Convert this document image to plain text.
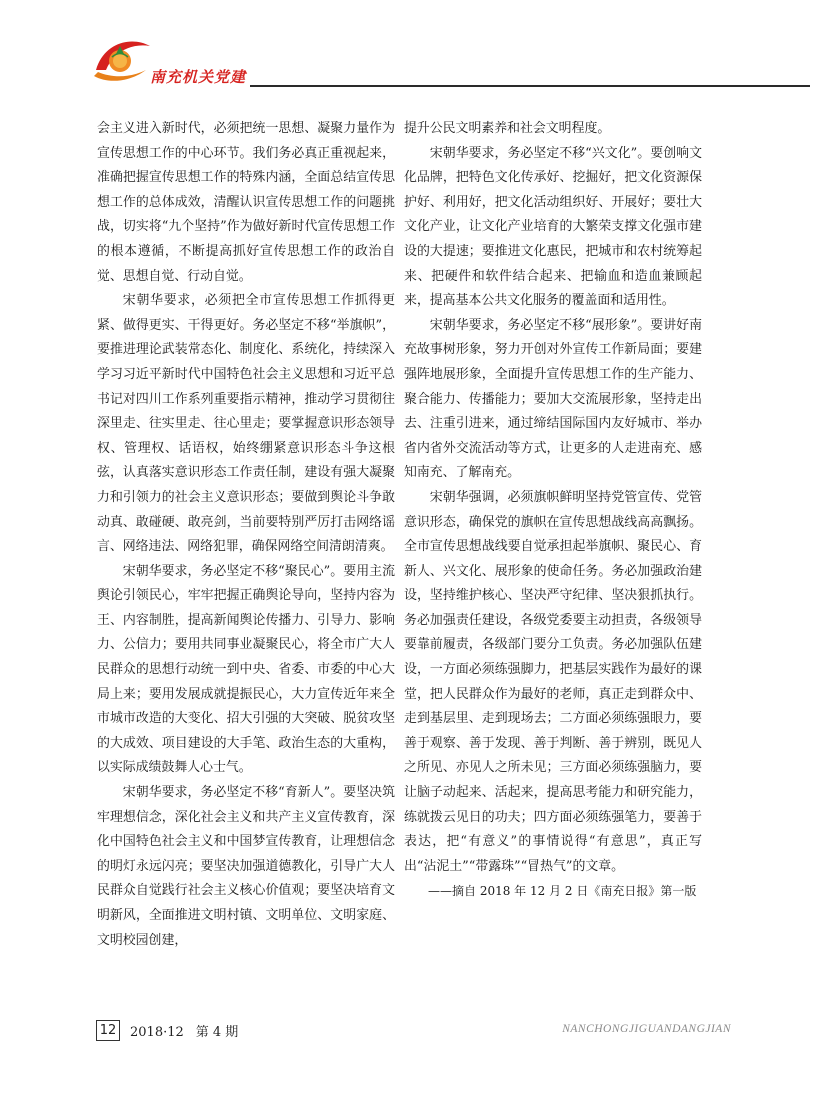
南充机关党建

会主义进入新时代，必须把统一思想、凝聚力量作为宣传思想工作的中心环节。我们务必真正重视起来，准确把握宣传思想工作的特殊内涵，全面总结宣传思想工作的总体成效，清醒认识宣传思想工作的问题挑战，切实将“九个坚持”作为做好新时代宣传思想工作的根本遵循，不断提高抓好宣传思想工作的政治自觉、思想自觉、行动自觉。

宋朝华要求，必须把全市宣传思想工作抓得更紧、做得更实、干得更好。务必坚定不移“举旗帜”，要推进理论武装常态化、制度化、系统化，持续深入学习习近平新时代中国特色社会主义思想和习近平总书记对四川工作系列重要指示精神，推动学习贯彻往深里走、往实里走、往心里走；要掌握意识形态领导权、管理权、话语权，始终绷紧意识形态斗争这根弦，认真落实意识形态工作责任制，建设有强大凝聚力和引领力的社会主义意识形态；要做到舆论斗争敢动真、敢碰硬、敢亮剑，当前要特别严厉打击网络谣言、网络违法、网络犯罪，确保网络空间清朗清爽。

宋朝华要求，务必坚定不移“聚民心”。要用主流舆论引领民心，牢牢把握正确舆论导向，坚持内容为王、内容制胜，提高新闻舆论传播力、引导力、影响力、公信力；要用共同事业凝聚民心，将全市广大人民群众的思想行动统一到中央、省委、市委的中心大局上来；要用发展成就提振民心，大力宣传近年来全市城市改造的大变化、招大引强的大突破、脱贫攻坚的大成效、项目建设的大手笔、政治生态的大重构，以实际成绩鼓舞人心士气。

宋朝华要求，务必坚定不移“育新人”。要坚决筑牢理想信念，深化社会主义和共产主义宣传教育，深化中国特色社会主义和中国梦宣传教育，让理想信念的明灯永远闪亮；要坚决加强道德教化，引导广大人民群众自觉践行社会主义核心价值观；要坚决培育文明新风，全面推进文明村镇、文明单位、文明家庭、文明校园创建，

提升公民文明素养和社会文明程度。

宋朝华要求，务必坚定不移“兴文化”。要创响文化品牌，把特色文化传承好、挖掘好，把文化资源保护好、利用好，把文化活动组织好、开展好；要壮大文化产业，让文化产业培育的大繁荣支撑文化强市建设的大提速；要推进文化惠民，把城市和农村统筹起来、把硬件和软件结合起来、把输血和造血兼顾起来，提高基本公共文化服务的覆盖面和适用性。

宋朝华要求，务必坚定不移“展形象”。要讲好南充故事树形象，努力开创对外宣传工作新局面；要建强阵地展形象，全面提升宣传思想工作的生产能力、聚合能力、传播能力；要加大交流展形象，坚持走出去、注重引进来，通过缔结国际国内友好城市、举办省内省外交流活动等方式，让更多的人走进南充、感知南充、了解南充。

宋朝华强调，必须旗帜鲜明坚持党管宣传、党管意识形态，确保党的旗帜在宣传思想战线高高飘扬。全市宣传思想战线要自觉承担起举旗帜、聚民心、育新人、兴文化、展形象的使命任务。务必加强政治建设，坚持维护核心、坚决严守纪律、坚决狠抓执行。务必加强责任建设，各级党委要主动担责，各级领导要靠前履责，各级部门要分工负责。务必加强队伍建设，一方面必须练强脚力，把基层实践作为最好的课堂，把人民群众作为最好的老师，真正走到群众中、走到基层里、走到现场去；二方面必须练强眼力，要善于观察、善于发现、善于判断、善于辨别，既见人之所见、亦见人之所未见；三方面必须练强脑力，要让脑子动起来、活起来，提高思考能力和研究能力，练就拨云见日的功夫；四方面必须练强笔力，要善于表达，把“有意义”的事情说得“有意思”，真正写出“沾泥土”“带露珠”“冒热气”的文章。

——摘自 2018 年 12 月 2 日《南充日报》第一版

12 2018·12 第 4 期	NANCHONGJIGUANDANGJIAN
